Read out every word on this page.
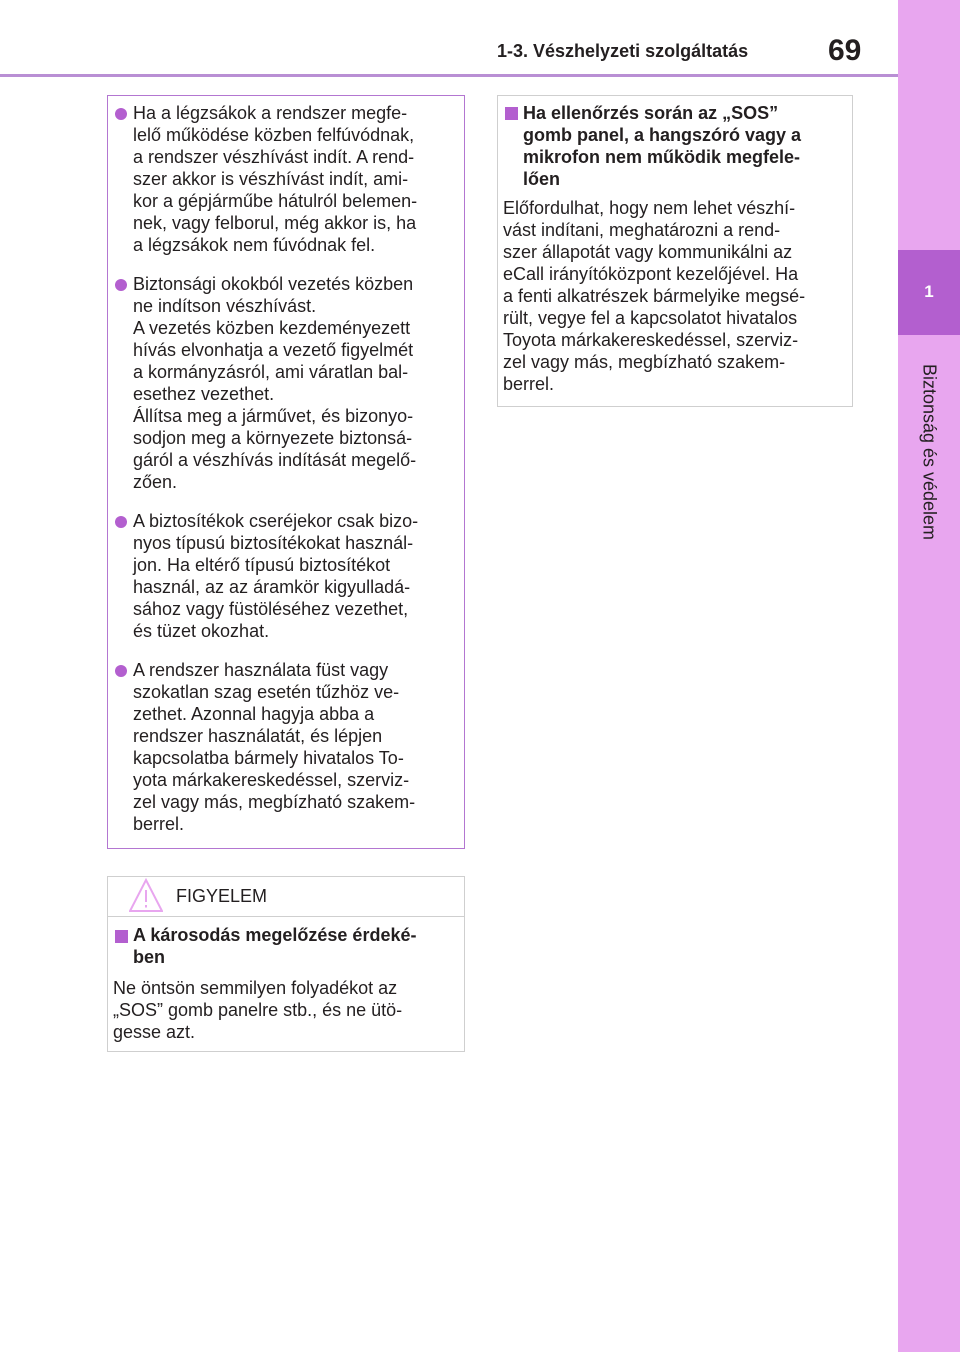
1-3. Vészhelyzeti szolgáltatás	69
1
Biztonság és védelem
Ha a légzsákok a rendszer megfe-
lelő működése közben felfúvódnak,
a rendszer vészhívást indít. A rend-
szer akkor is vészhívást indít, ami-
kor a gépjárműbe hátulról belemen-
nek, vagy felborul, még akkor is, ha
a légzsákok nem fúvódnak fel.
Biztonsági okokból vezetés közben
ne indítson vészhívást.
A vezetés közben kezdeményezett
hívás elvonhatja a vezető figyelmét
a kormányzásról, ami váratlan bal-
esethez vezethet.
Állítsa meg a járművet, és bizonyo-
sodjon meg a környezete biztonsá-
gáról a vészhívás indítását megelő-
zően.
A biztosítékok cseréjekor csak bizo-
nyos típusú biztosítékokat használ-
jon. Ha eltérő típusú biztosítékot
használ, az az áramkör kigyulladá-
sához vagy füstöléséhez vezethet,
és tüzet okozhat.
A rendszer használata füst vagy
szokatlan szag esetén tűzhöz ve-
zethet. Azonnal hagyja abba a
rendszer használatát, és lépjen
kapcsolatba bármely hivatalos To-
yota márkakereskedéssel, szerviz-
zel vagy más, megbízható szakem-
berrel.
Ha ellenőrzés során az „SOS”
gomb panel, a hangszóró vagy a
mikrofon nem működik megfele-
lően
Előfordulhat, hogy nem lehet vészhí-
vást indítani, meghatározni a rend-
szer állapotát vagy kommunikálni az
eCall irányítóközpont kezelőjével. Ha
a fenti alkatrészek bármelyike megsé-
rült, vegye fel a kapcsolatot hivatalos
Toyota márkakereskedéssel, szerviz-
zel vagy más, megbízható szakem-
berrel.
FIGYELEM
A károsodás megelőzése érdeké-
ben
Ne öntsön semmilyen folyadékot az
„SOS” gomb panelre stb., és ne ütö-
gesse azt.
